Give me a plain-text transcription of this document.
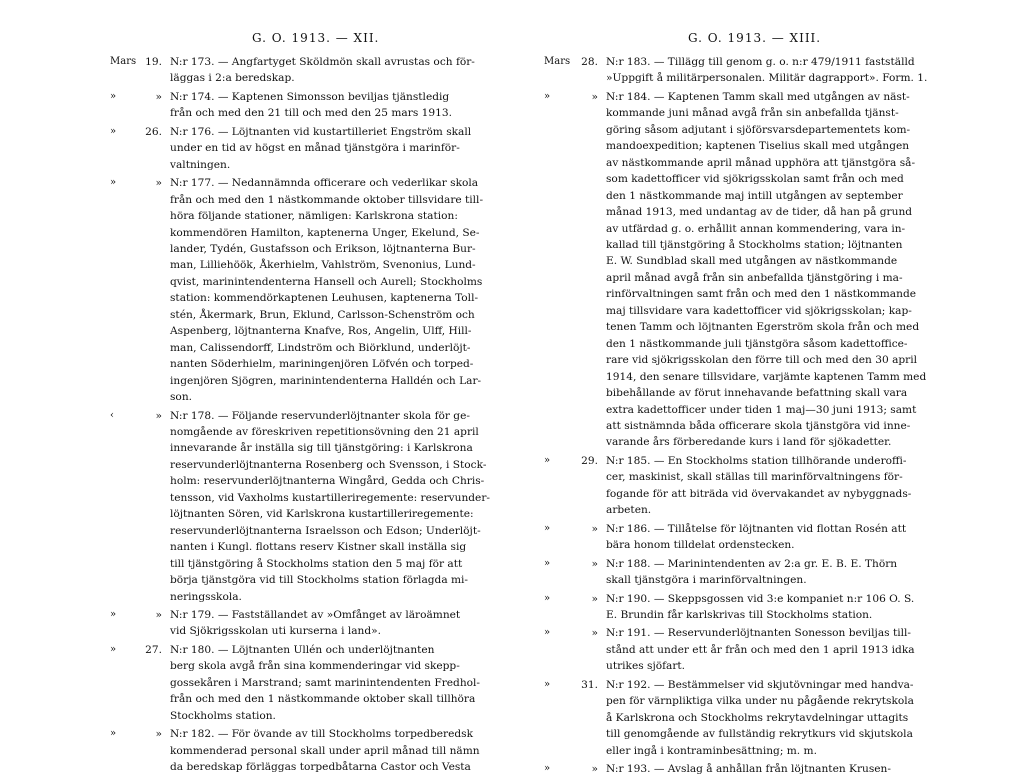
G. O. 1913. — XII.
Mars 19. N:r 173. — Angfartyget Sköldmön skall avrustas och för-

läggas i 2:a beredskap.

»	» N:r 174. — Kaptenen Simonsson beviljas tjänstledig

från och med den 21 till och med den 25 mars 1913.

»	26. N:r 176. — Löjtnanten vid kustartilleriet Engström skall

under en tid av högst en månad tjänstgöra i marinför-

valtningen.

»	» N:r 177. — Nedannämnda officerare och vederlikar skola

från och med den 1 nästkommande oktober tillsvidare till-

höra följande stationer, nämligen: Karlskrona station:

kommendören Hamilton, kaptenerna Unger, Ekelund, Se-

lander, Tydén, Gustafsson och Erikson, löjtnanterna Bur-

man, Lilliehöök, Åkerhielm, Vahlström, Svenonius, Lund-

qvist, marinintendenterna Hansell och Aurell; Stockholms

station: kommendörkaptenen Leuhusen, kaptenerna Toll-

stén, Åkermark, Brun, Eklund, Carlsson-Schenström och

Aspenberg, löjtnanterna Knafve, Ros, Angelin, Ulff, Hill-

man, Calissendorff, Lindström och Biörklund, underlöjt-

nanten Söderhielm, mariningenjören Löfvén och torped-

ingenjören Sjögren, marinintendenterna Halldén och Lar-

son.

‹	» N:r 178. — Följande reservunderlöjtnanter skola för ge-

nomgående av föreskriven repetitionsövning den 21 april

innevarande år inställa sig till tjänstgöring: i Karlskrona

reservunderlöjtnanterna Rosenberg och Svensson, i Stock-

holm: reservunderlöjtnanterna Wingård, Gedda och Chris-

tensson, vid Vaxholms kustartilleriregemente: reservunder-

löjtnanten Sören, vid Karlskrona kustartilleriregemente:

reservunderlöjtnanterna Israelsson och Edson; Underlöjt-

nanten i Kungl. flottans reserv Kistner skall inställa sig

till tjänstgöring å Stockholms station den 5 maj för att

börja tjänstgöra vid till Stockholms station förlagda mi-

neringsskola.

»	» N:r 179. — Fastställandet av »Omfånget av läroämnet

vid Sjökrigsskolan uti kurserna i land».

»	27. N:r 180. — Löjtnanten Ullén och underlöjtnanten

berg skola avgå från sina kommenderingar vid skepp-

gossekåren i Marstrand; samt marinintendenten Fredhol-

från och med den 1 nästkommande oktober skall tillhöra

Stockholms station.

»	» N:r 182. — För övande av till Stockholms torpedberedsk

kommenderad personal skall under april månad till nämn

da beredskap förläggas torpedbåtarna Castor och Vesta

G. O. 1913. — XIII.
Mars	28. N:r 183. — Tillägg till genom g. o. n:r 479/1911 fastställd

»Uppgift å militärpersonalen. Militär dagrapport». Form. 1.

»	» N:r 184. — Kaptenen Tamm skall med utgången av näst-

kommande juni månad avgå från sin anbefallda tjänst-

göring såsom adjutant i sjöförsvarsdepartementets kom-

mandoexpedition; kaptenen Tiselius skall med utgången

av nästkommande april månad upphöra att tjänstgöra så-

som kadettofficer vid sjökrigsskolan samt från och med

den 1 nästkommande maj intill utgången av september

månad 1913, med undantag av de tider, då han på grund

av utfärdad g. o. erhållit annan kommendering, vara in-

kallad till tjänstgöring å Stockholms station; löjtnanten

E. W. Sundblad skall med utgången av nästkommande

april månad avgå från sin anbefallda tjänstgöring i ma-

rinförvaltningen samt från och med den 1 nästkommande

maj tillsvidare vara kadettofficer vid sjökrigsskolan; kap-

tenen Tamm och löjtnanten Egerström skola från och med

den 1 nästkommande juli tjänstgöra såsom kadettoffice-

rare vid sjökrigsskolan den förre till och med den 30 april

1914, den senare tillsvidare, varjämte kaptenen Tamm med

bibehållande av förut innehavande befattning skall vara

extra kadettofficer under tiden 1 maj—30 juni 1913; samt

att sistnämnda båda officerare skola tjänstgöra vid inne-

varande års förberedande kurs i land för sjökadetter.

»	29. N:r 185. — En Stockholms station tillhörande underoffi-

cer, maskinist, skall ställas till marinförvaltningens för-

fogande för att biträda vid övervakandet av nybyggnads-

arbeten.

»	» N:r 186. — Tillåtelse för löjtnanten vid flottan Rosén att

bära honom tilldelat ordenstecken.

»	» N:r 188. — Marinintendenten av 2:a gr. E. B. E. Thörn

skall tjänstgöra i marinförvaltningen.

»	» N:r 190. — Skeppsgossen vid 3:e kompaniet n:r 106 O. S.

E. Brundin får karlskrivas till Stockholms station.

»	» N:r 191. — Reservunderlöjtnanten Sonesson beviljas till-

stånd att under ett år från och med den 1 april 1913 idka

utrikes sjöfart.

»	31. N:r 192. — Bestämmelser vid skjutövningar med handva-

pen för värnpliktiga vilka under nu pågående rekrytskola

å Karlskrona och Stockholms rekrytavdelningar uttagits

till genomgående av fullständig rekrytkurs vid skjutskola

eller ingå i kontraminbesättning; m. m.

»	» N:r 193. — Avslag å anhållan från löjtnanten Krusen-
